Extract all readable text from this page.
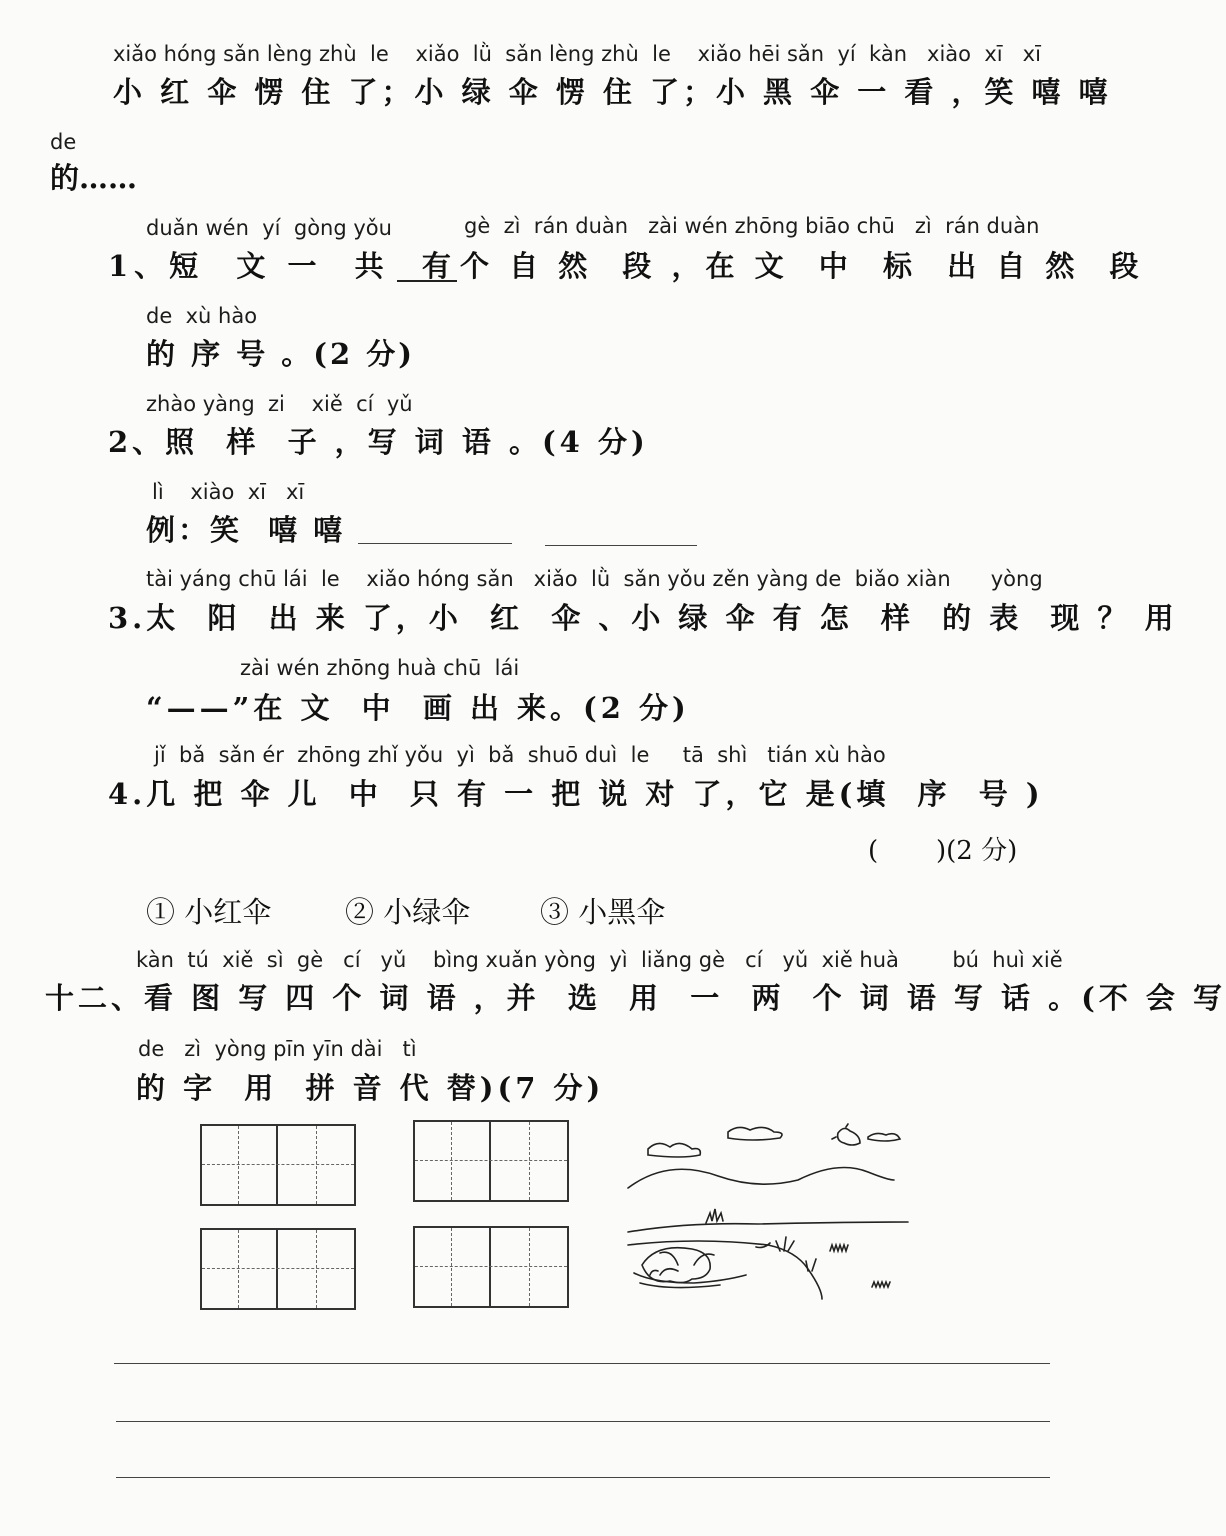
xiǎo hóng sǎn lèng zhù  le    xiǎo  lǜ  sǎn lèng zhù  le    xiǎo hēi sǎn  yí  kàn   xiào  xī   xī
小 红 伞 愣 住 了；小 绿 伞 愣 住 了；小 黑 伞 一 看 ，笑 嘻 嘻
de
的……
duǎn wén  yí  gòng yǒu	gè  zì  rán duàn   zài wén zhōng biāo chū   zì  rán duàn
1、短  文 一  共  有 个 自 然  段 ，在 文  中  标  出 自 然  段
de  xù hào
的 序 号 。(2 分)
zhào yàng  zi    xiě  cí  yǔ
2、照  样  子 ，写 词 语 。(4 分)
lì    xiào  xī   xī
例：笑  嘻 嘻
tài yáng chū lái  le    xiǎo hóng sǎn   xiǎo  lǜ  sǎn yǒu zěn yàng de  biǎo xiàn      yòng
3.太  阳  出 来 了，小  红  伞 、小 绿 伞 有 怎  样  的 表  现 ？ 用
zài wén zhōng huà chū  lái
“——”在 文  中  画 出 来。(2 分)
jǐ  bǎ  sǎn ér  zhōng zhǐ yǒu  yì  bǎ  shuō duì  le     tā  shì   tián xù hào
4.几 把 伞 儿  中  只 有 一 把 说 对 了，它 是(填  序  号 )
(       )(2 分)
① 小红伞	② 小绿伞 ③ 小黑伞
kàn  tú  xiě  sì  gè   cí   yǔ    bìng xuǎn yòng  yì  liǎng gè   cí   yǔ  xiě huà        bú  huì xiě
十二、看 图 写 四 个 词 语 ，并  选  用  一  两  个 词 语 写 话 。(不 会 写
de   zì  yòng pīn yīn dài   tì
的 字  用  拼 音 代 替)(7 分)
